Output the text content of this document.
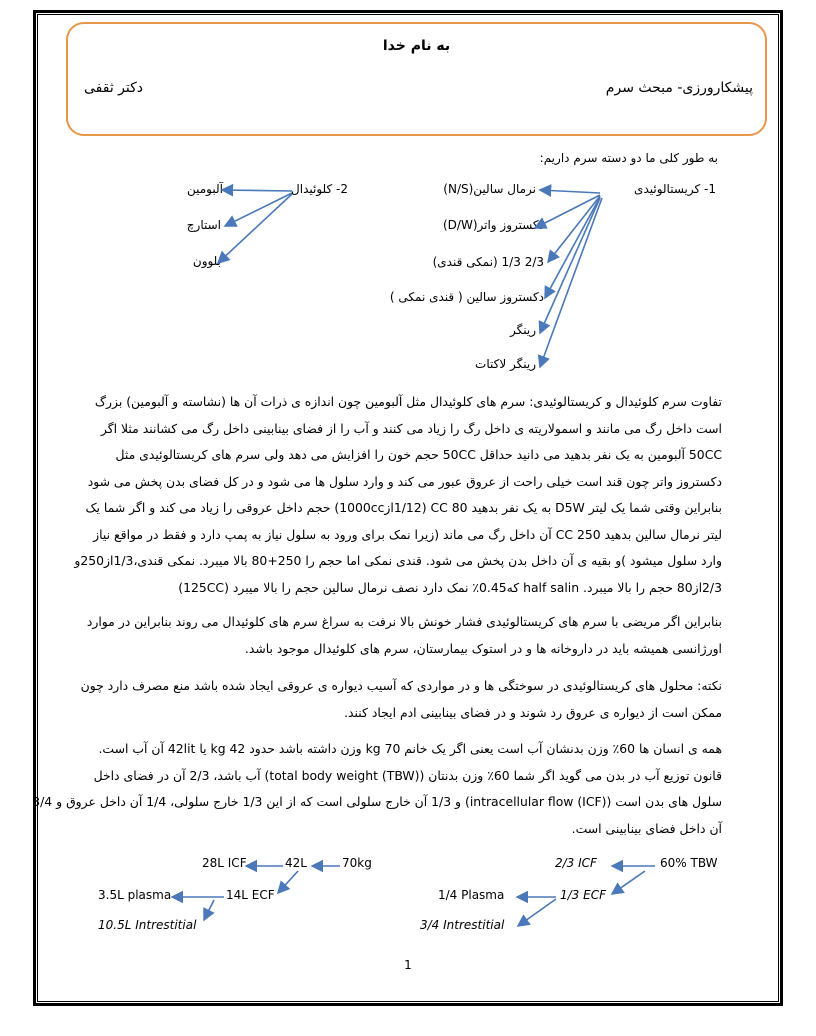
به نام خدا
پیشکارورزی- مبحث سرم
دکتر ثقفی
به طور کلی ما دو دسته سرم داریم:
1- کریستالوئیدی
نرمال سالین(N/S)
دکستروز واتر(D/W)
2/3 1/3 (نمکی قندی)
دکستروز سالین ( قندی نمکی )
رینگر
رینگر لاکتات
2- کلوئیدال
آلبومین
استارچ
بلوون
تفاوت سرم کلوئیدال و کریستالوئیدی: سرم های کلوئیدال مثل آلبومین چون اندازه ی ذرات آن ها (نشاسته و آلبومین) بزرگ
است داخل رگ می مانند و اسمولاریته ی داخل رگ را زیاد می کنند و آب را از فضای بینابینی داخل رگ می کشانند مثلا اگر
50CC آلبومین به یک نفر بدهید می دانید حداقل 50CC حجم خون را افزایش می دهد ولی سرم های کریستالوئیدی مثل
دکستروز واتر چون قند است خیلی راحت از عروق عبور می کند و وارد سلول ها می شود و در کل فضای بدن پخش می شود
بنابراین وقتی شما یک لیتر D5W به یک نفر بدهید 80 CC (1/12از1000cc) حجم داخل عروقی را زیاد می کند و اگر شما یک
لیتر نرمال سالین بدهید 250 CC آن داخل رگ می ماند (زیرا نمک برای ورود به سلول نیاز به پمپ دارد و فقط در مواقع نیاز
وارد سلول میشود )و بقیه ی آن داخل بدن پخش می شود. قندی نمکی اما حجم را 250+80 بالا میبرد. نمکی قندی،1/3از250و
2/3از80 حجم را بالا میبرد. half salin که0.45٪ نمک دارد نصف نرمال سالین حجم را بالا میبرد (125CC)
بنابراین اگر مریضی با سرم های کریستالوئیدی فشار خونش بالا نرفت به سراغ سرم های کلوئیدال می روند بنابراین در موارد
اورژانسی همیشه باید در داروخانه ها و در استوک بیمارستان، سرم های کلوئیدال موجود باشد.
نکته: محلول های کریستالوئیدی در سوختگی ها و در مواردی که آسیب دیواره ی عروقی ایجاد شده باشد منع مصرف دارد چون
ممکن است از دیواره ی عروق رد شوند و در فضای بینابینی ادم ایجاد کنند.
همه ی انسان ها 60٪ وزن بدنشان آب است یعنی اگر یک خانم 70 kg وزن داشته باشد حدود 42 kg یا 42lit آن آب است.
قانون توزیع آب در بدن می گوید اگر شما 60٪ وزن بدنتان (total body weight (TBW)) آب باشد، 2/3 آن در فضای داخل
سلول های بدن است (intracellular flow (ICF)) و 1/3 آن خارج سلولی است که از این 1/3 خارج سلولی، 1/4 آن داخل عروق و 3/4
آن داخل فضای بینابینی است.
60% TBW
2/3 ICF
1/3 ECF
1/4 Plasma
3/4 Intrestitial
70kg
42L
28L ICF
14L ECF
3.5L plasma
10.5L Intrestitial
1
